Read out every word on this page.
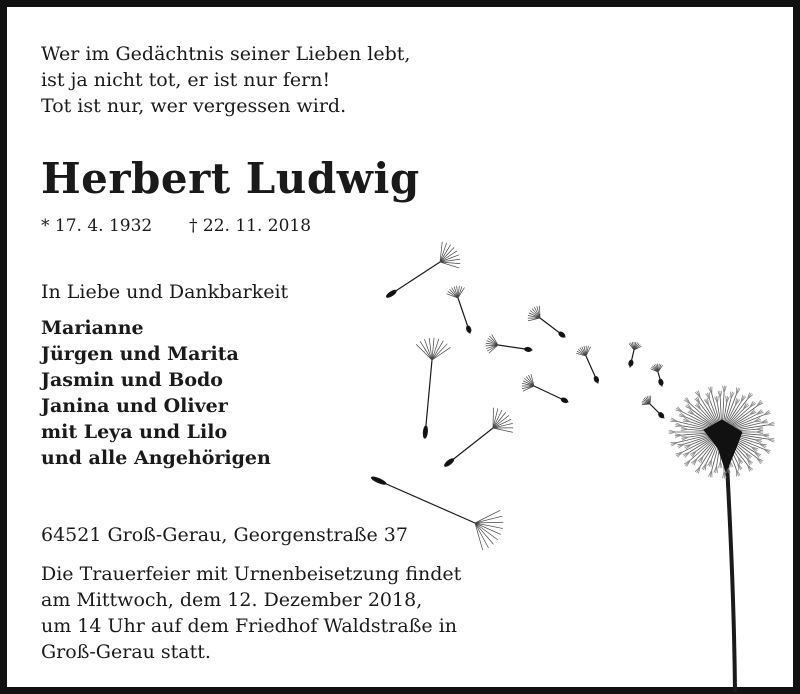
Wer im Gedächtnis seiner Lieben lebt,
ist ja nicht tot, er ist nur fern!
Tot ist nur, wer vergessen wird.
Herbert Ludwig
* 17. 4. 1932 † 22. 11. 2018
In Liebe und Dankbarkeit
Marianne
Jürgen und Marita
Jasmin und Bodo
Janina und Oliver
mit Leya und Lilo
und alle Angehörigen
64521 Groß-Gerau, Georgenstraße 37
Die Trauerfeier mit Urnenbeisetzung findet
am Mittwoch, dem 12. Dezember 2018,
um 14 Uhr auf dem Friedhof Waldstraße in
Groß-Gerau statt.
